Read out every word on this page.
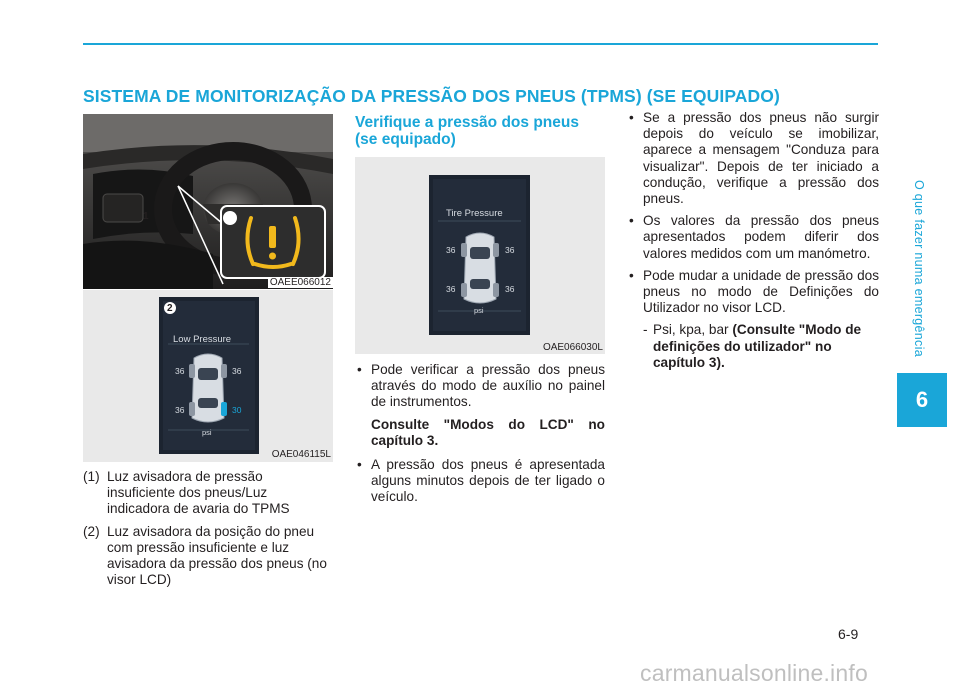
SISTEMA DE MONITORIZAÇÃO DA PRESSÃO DOS PNEUS (TPMS) (SE EQUIPADO)
O que fazer numa emergência
6
1
OAEE066012
2
Low Pressure
36	36
36	30
psi
OAE046115L
(1) Luz avisadora de pressão insuficiente dos pneus/Luz indicadora de avaria do TPMS
(2) Luz avisadora da posição do pneu com pressão insuficiente e luz avisadora da pressão dos pneus (no visor LCD)
Verifique a pressão dos pneus (se equipado)
Tire Pressure
36	36
36	36
psi
OAE066030L
• Pode verificar a pressão dos pneus através do modo de auxílio no painel de instrumentos.
Consulte "Modos do LCD" no capítulo 3.
• A pressão dos pneus é apresentada alguns minutos depois de ter ligado o veículo.
• Se a pressão dos pneus não surgir depois do veículo se imobilizar, aparece a mensagem "Conduza para visualizar". Depois de ter iniciado a condução, verifique a pressão dos pneus.
• Os valores da pressão dos pneus apresentados podem diferir dos valores medidos com um manómetro.
• Pode mudar a unidade de pressão dos pneus no modo de Definições do Utilizador no visor LCD.
- Psi, kpa, bar (Consulte "Modo de definições do utilizador" no capítulo 3).
6-9
carmanualsonline.info
